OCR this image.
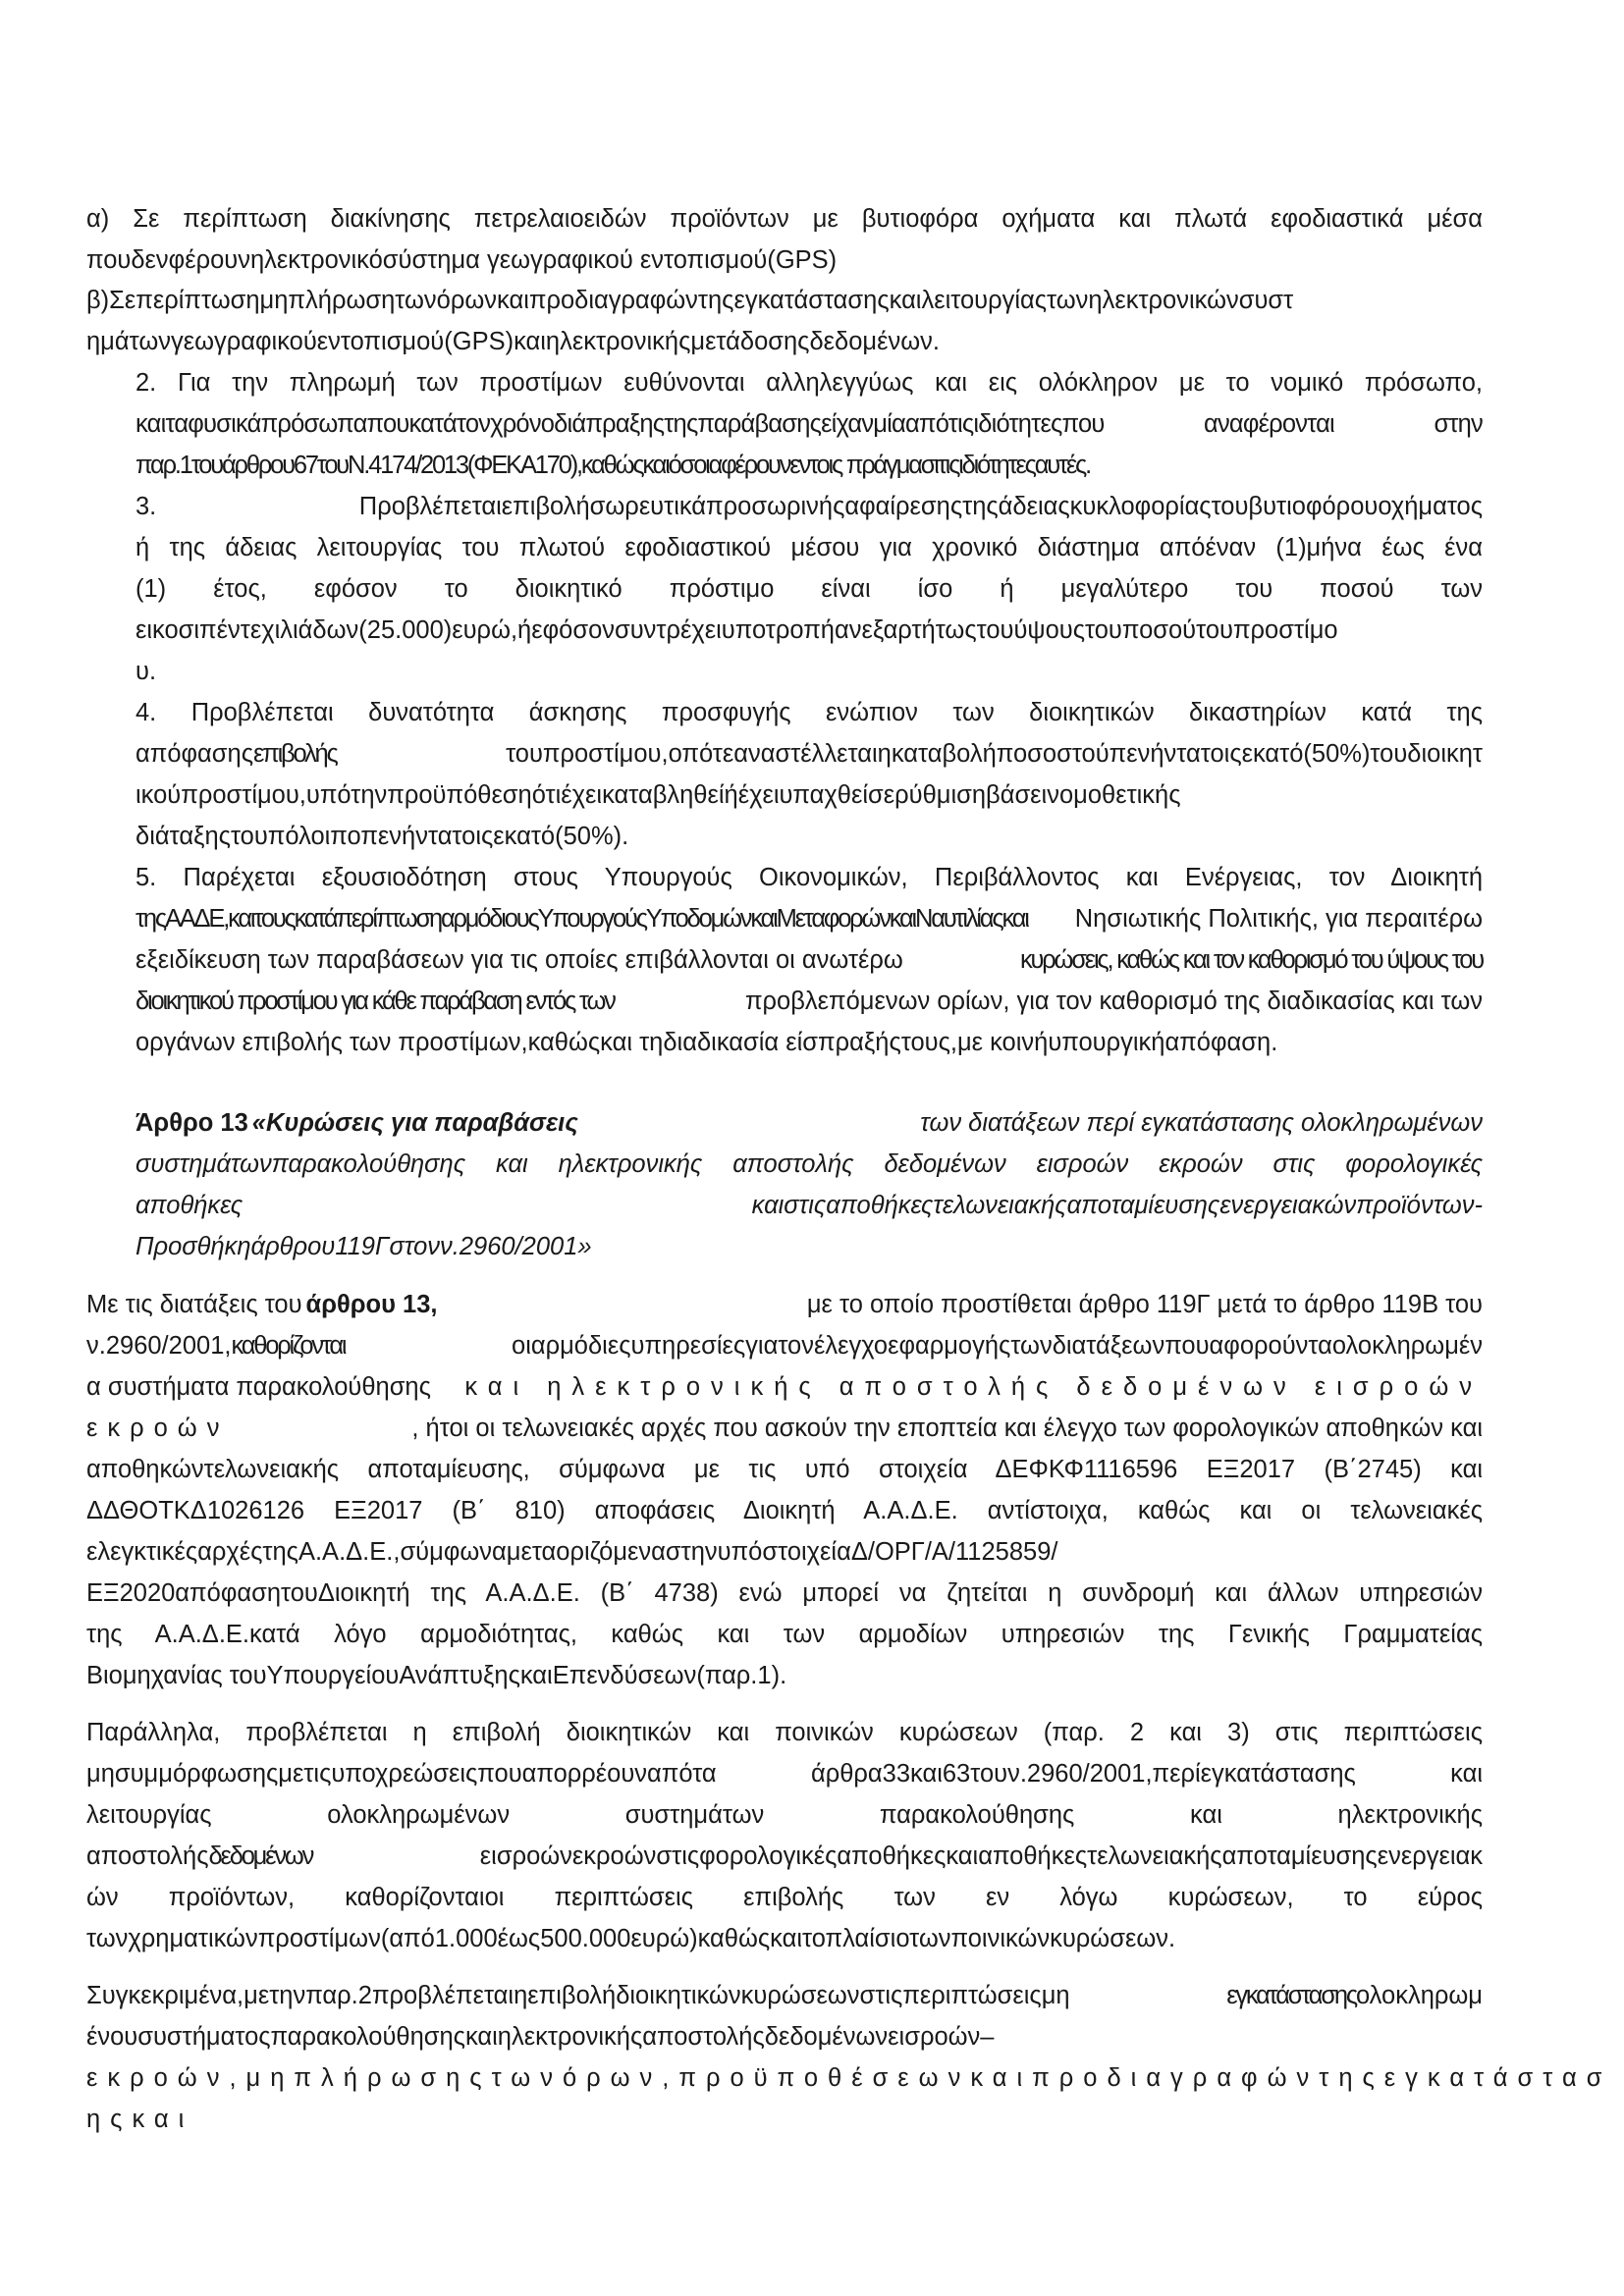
α) Σε περίπτωση διακίνησης πετρελαιοειδών προϊόντων με βυτιοφόρα οχήματα και πλωτά εφοδιαστικά μέσα
πουδενφέρουνηλεκτρονικόσύστημα γεωγραφικού εντοπισμού(GPS)
β)Σεπερίπτωσημηπλήρωσητωνόρωνκαιπροδιαγραφώντηςεγκατάστασηςκαιλειτουργίαςτωνηλεκτρονικώνσυστ
ημάτωνγεωγραφικούεντοπισμού(GPS)καιηλεκτρονικήςμετάδοσηςδεδομένων.
2. Για την πληρωμή των προστίμων ευθύνονται αλληλεγγύως και εις ολόκληρον με το νομικό πρόσωπο,
καιταφυσικάπρόσωπαπουκατάτονχρόνοδιάπραξηςτηςπαράβασηςείχανμίααπότιςιδιότητεςπου αναφέρονται στην
παρ.1τουάρθρου67τουΝ.4174/2013(ΦΕΚΑ170),καθώςκαιόσοιαφέρουνεντοις πράγμασιτιςιδιότητεςαυτές.
3. Προβλέπεταιεπιβολήσωρευτικάπροσωρινήςαφαίρεσηςτηςάδειαςκυκλοφορίαςτουβυτιοφόρουοχήματος
ή της άδειας λειτουργίας του πλωτού εφοδιαστικού μέσου για χρονικό διάστημα απόέναν (1)μήνα έως ένα
(1) έτος, εφόσον το διοικητικό πρόστιμο είναι ίσο ή μεγαλύτερο του ποσού των
εικοσιπέντεχιλιάδων(25.000)ευρώ,ήεφόσονσυντρέχειυποτροπήανεξαρτήτωςτουύψουςτουποσούτουπροστίμο
υ.
4. Προβλέπεται δυνατότητα άσκησης προσφυγής ενώπιον των διοικητικών δικαστηρίων κατά της
απόφασης επιβολής	τουπροστίμου,οπότεαναστέλλεταιηκαταβολήποσοστούπενήντατοιςεκατό(50%)τουδιοικητ
ικούπροστίμου,υπότηνπροϋπόθεσηότιέχεικαταβληθείήέχειυπαχθείσερύθμισηβάσεινομοθετικής
διάταξηςτουπόλοιποπενήντατοιςεκατό(50%).
5. Παρέχεται εξουσιοδότηση στους Υπουργούς Οικονομικών, Περιβάλλοντος και Ενέργειας, τον Διοικητή
τηςΑΑΔΕ,καιτουςκατάπερίπτωσηαρμόδιουςΥπουργούςΥποδομώνκαιΜεταφορώνκαιΝαυτιλίαςκαι Νησιωτικής Πολιτικής, για περαιτέρω
εξειδίκευση των παραβάσεων για τις οποίες επιβάλλονται οι ανωτέρω	κυρώσεις, καθώς και τον καθορισμό του ύψους του
διοικητικού προστίμου για κάθε παράβαση εντός των	προβλεπόμενων ορίων, για τον καθορισμό της διαδικασίας και των
οργάνων επιβολής των προστίμων,καθώςκαι τηδιαδικασία είσπραξήςτους,με κοινήυπουργικήαπόφαση.
Άρθρο 13 «Κυρώσεις για παραβάσεις	των διατάξεων περί εγκατάστασης ολοκληρωμένων
συστημάτωνπαρακολούθησης και ηλεκτρονικής αποστολής δεδομένων εισροών εκροών στις φορολογικές
αποθήκες	καιστιςαποθήκεςτελωνειακήςαποταμίευσηςενεργειακώνπροϊόντων-
Προσθήκηάρθρου119Γστονν.2960/2001»
Με τις διατάξεις του άρθρου 13,	με το οποίο προστίθεται άρθρο 119Γ μετά το άρθρο 119Β του
ν.2960/2001, καθορίζονται	οιαρμόδιεςυπηρεσίεςγιατονέλεγχοεφαρμογήςτωνδιατάξεωνπουαφορούνταολοκληρωμέν
α συστήματα παρακολούθησης και ηλεκτρονικής αποστολής δεδομένων εισροών
εκροών	, ήτοι οι τελωνειακές αρχές που ασκούν την εποπτεία και έλεγχο των φορολογικών αποθηκών και
αποθηκώντελωνειακής αποταμίευσης, σύμφωνα με τις υπό στοιχεία ΔΕΦΚΦ1116596 ΕΞ2017 (Β΄2745) και
ΔΔΘΟΤΚΔ1026126 ΕΞ2017 (Β΄ 810) αποφάσεις Διοικητή Α.Α.Δ.Ε. αντίστοιχα, καθώς και οι τελωνειακές
ελεγκτικέςαρχέςτηςΑ.Α.Δ.Ε.,σύμφωναμεταοριζόμεναστηνυπόστοιχείαΔ/ΟΡΓ/Α/1125859/
ΕΞ2020απόφασητουΔιοικητή της Α.Α.Δ.Ε. (Β΄ 4738) ενώ μπορεί να ζητείται η συνδρομή και άλλων υπηρεσιών
της Α.Α.Δ.Ε.κατά λόγο αρμοδιότητας, καθώς και των αρμοδίων υπηρεσιών της Γενικής Γραμματείας
Βιομηχανίας τουΥπουργείουΑνάπτυξηςκαιΕπενδύσεων(παρ.1).
Παράλληλα, προβλέπεται η επιβολή διοικητικών και ποινικών κυρώσεων (παρ. 2 και 3) στις περιπτώσεις
μησυμμόρφωσηςμετιςυποχρεώσειςπουαπορρέουναπότα άρθρα33και63τουν.2960/2001,περίεγκατάστασης και
λειτουργίας ολοκληρωμένων συστημάτων παρακολούθησης και ηλεκτρονικής
αποστολής δεδομένων	εισροώνεκροώνστιςφορολογικέςαποθήκεςκαιαποθήκεςτελωνειακήςαποταμίευσηςενεργειακ
ών προϊόντων, καθορίζονταιοι περιπτώσεις επιβολής των εν λόγω κυρώσεων, το εύρος
τωνχρηματικώνπροστίμων(από1.000έως500.000ευρώ)καθώςκαιτοπλαίσιοτωνποινικώνκυρώσεων.
Συγκεκριμένα,μετηνπαρ.2προβλέπεταιηεπιβολήδιοικητικώνκυρώσεωνστιςπεριπτώσειςμη	εγκατάστασης ολοκληρωμ
ένουσυστήματοςπαρακολούθησηςκαιηλεκτρονικήςαποστολήςδεδομένωνεισροών–
εκροών,μηπλήρωσηςτωνόρων,προϋποθέσεωνκαιπροδιαγραφώντηςεγκατάστασ
ηςκαι
